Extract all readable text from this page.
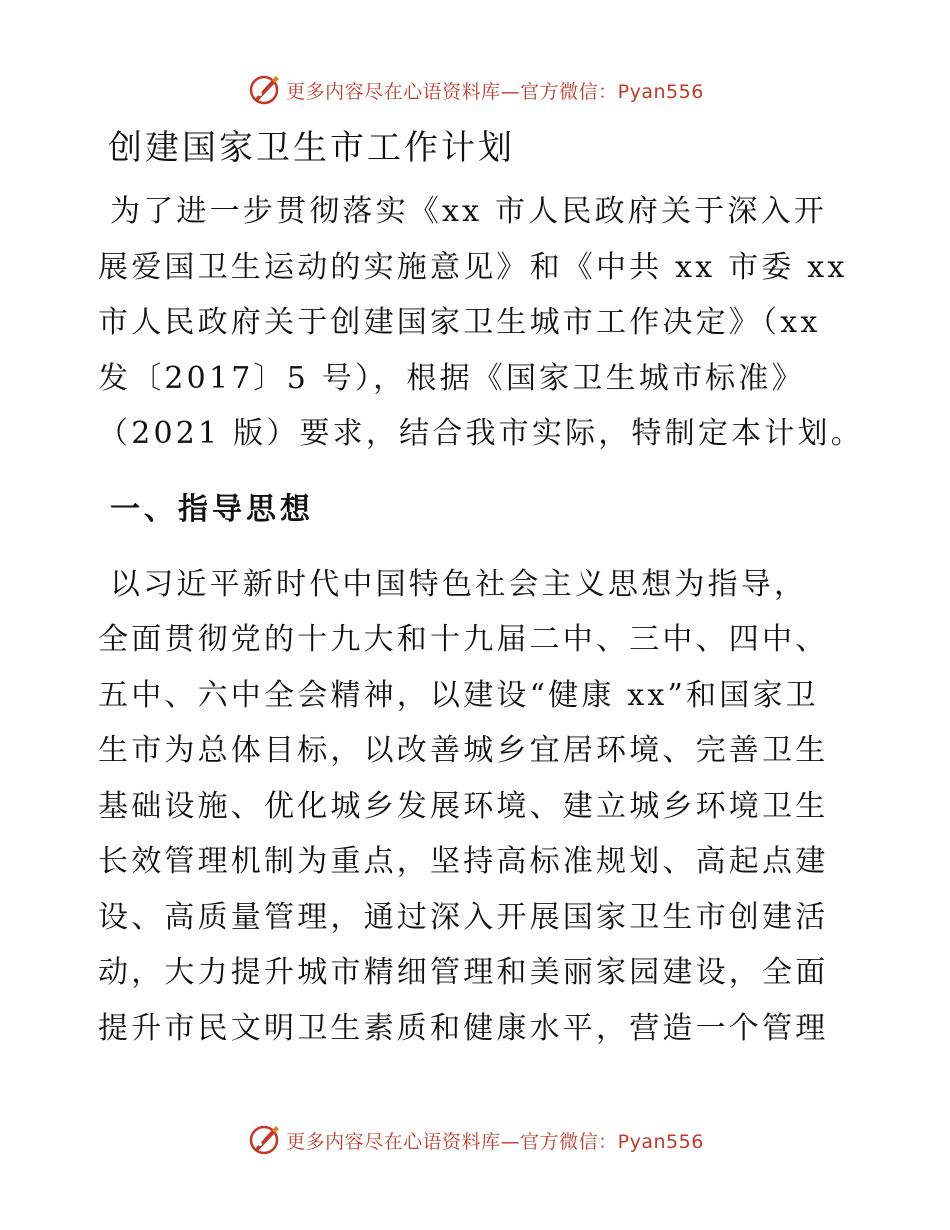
更多内容尽在心语资料库—官方微信：Pyan556
创建国家卫生市工作计划
为了进一步贯彻落实《xx 市人民政府关于深入开
展爱国卫生运动的实施意见》和《中共 xx 市委 xx
市人民政府关于创建国家卫生城市工作决定》（xx
发〔2017〕5 号），根据《国家卫生城市标准》
（2021 版）要求，结合我市实际，特制定本计划。
一、指导思想
以习近平新时代中国特色社会主义思想为指导，
全面贯彻党的十九大和十九届二中、三中、四中、
五中、六中全会精神，以建设“健康 xx”和国家卫
生市为总体目标，以改善城乡宜居环境、完善卫生
基础设施、优化城乡发展环境、建立城乡环境卫生
长效管理机制为重点，坚持高标准规划、高起点建
设、高质量管理，通过深入开展国家卫生市创建活
动，大力提升城市精细管理和美丽家园建设，全面
提升市民文明卫生素质和健康水平，营造一个管理
更多内容尽在心语资料库—官方微信：Pyan556
